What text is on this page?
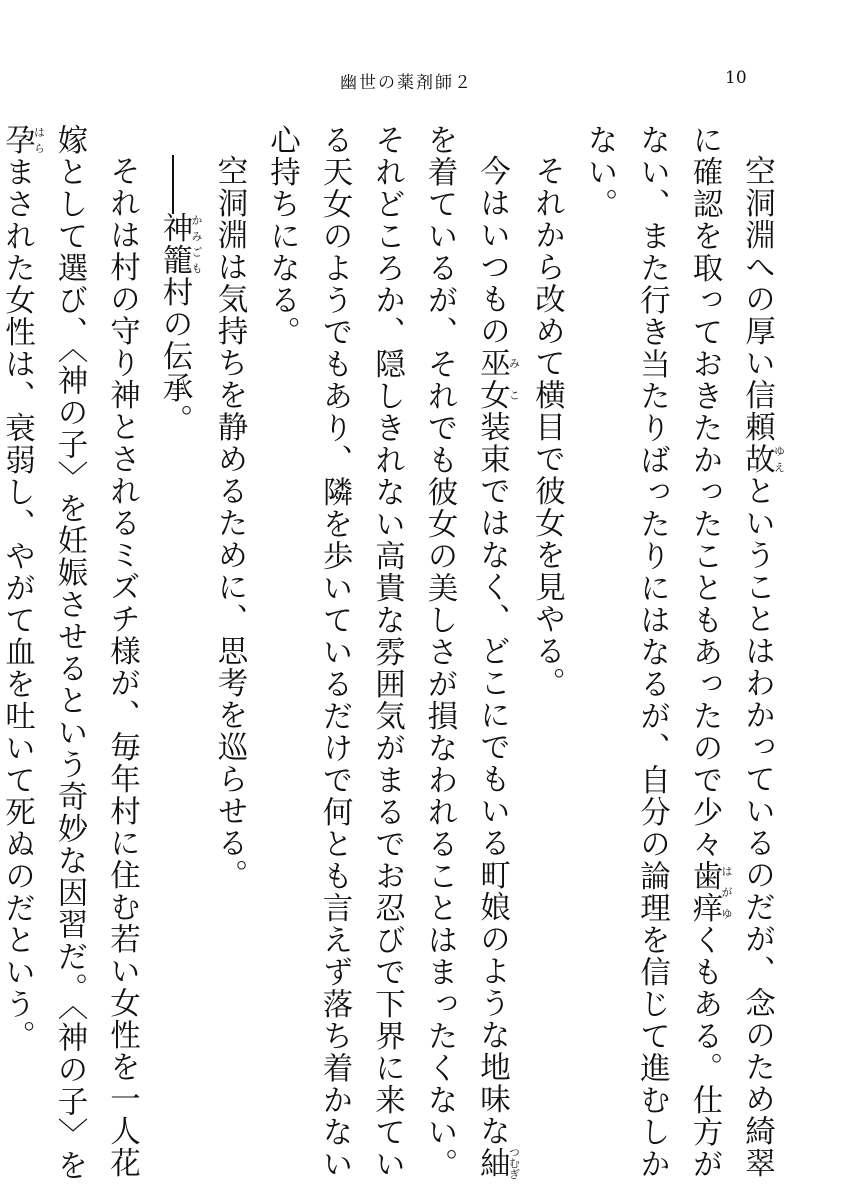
幽世の薬剤師２	10

空洞淵への厚い信頼故ゆえということはわかっているのだが、念のため綺翠に確認を取っておきたかったこともあったので少々歯痒はがゆくもある。仕方がない、また行き当たりばったりにはなるが、自分の論理を信じて進むしかない。

それから改めて横目で彼女を見やる。

今はいつもの巫女みこ装束ではなく、どこにでもいる町娘のような地味な紬つむぎを着ているが、それでも彼女の美しさが損なわれることはまったくない。それどころか、隠しきれない高貴な雰囲気がまるでお忍びで下界に来ている天女のようでもあり、隣を歩いているだけで何とも言えず落ち着かない心持ちになる。

空洞淵は気持ちを静めるために、思考を巡らせる。

――神籠かみごも村の伝承。

それは村の守り神とされるミズチ様が、毎年村に住む若い女性を一人花嫁として選び、〈神の子〉を妊娠させるという奇妙な因習だ。〈神の子〉を孕はらまされた女性は、衰弱し、やがて血を吐いて死ぬのだという。
